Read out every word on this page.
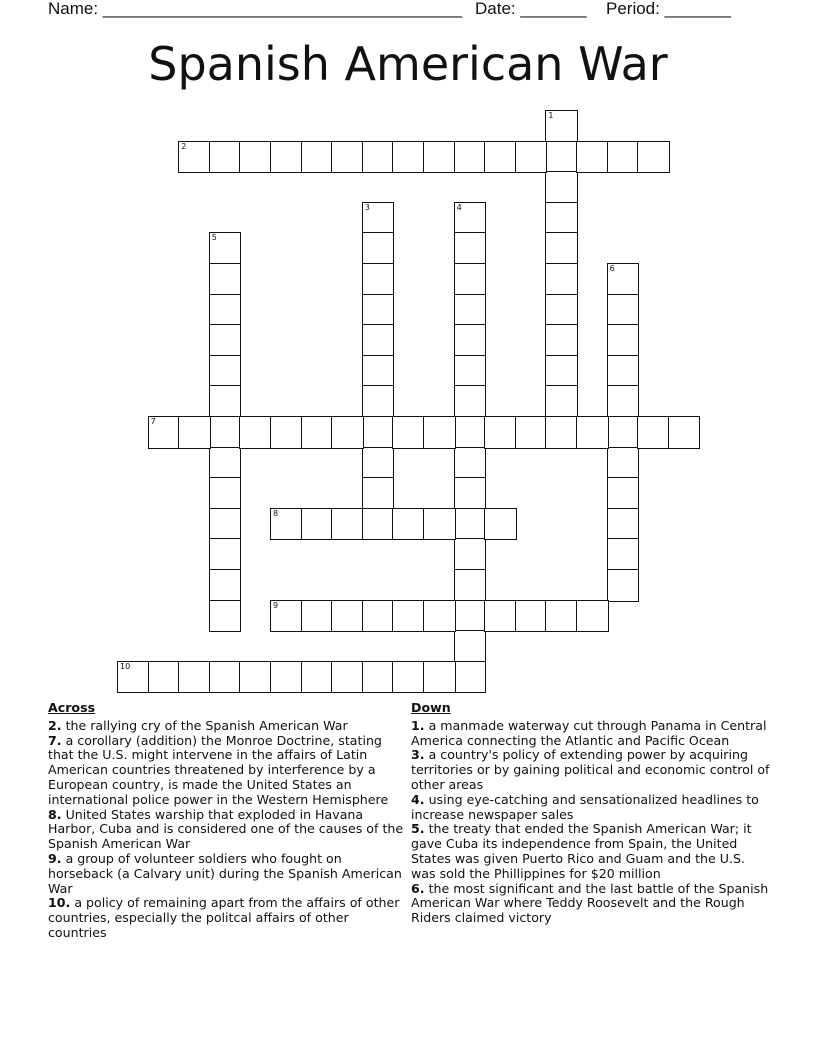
Name: ______________________________________ Date: _______ Period: _______
Spanish American War
1
2
3	4
5
6
7
8
9
10
Across
2. the rallying cry of the Spanish American War
7. a corollary (addition) the Monroe Doctrine, stating that the U.S. might intervene in the affairs of Latin American countries threatened by interference by a European country, is made the United States an international police power in the Western Hemisphere
8. United States warship that exploded in Havana Harbor, Cuba and is considered one of the causes of the Spanish American War
9. a group of volunteer soldiers who fought on horseback (a Calvary unit) during the Spanish American War
10. a policy of remaining apart from the affairs of other countries, especially the politcal affairs of other countries
Down
1. a manmade waterway cut through Panama in Central America connecting the Atlantic and Pacific Ocean
3. a country's policy of extending power by acquiring territories or by gaining political and economic control of other areas
4. using eye-catching and sensationalized headlines to increase newspaper sales
5. the treaty that ended the Spanish American War; it gave Cuba its independence from Spain, the United States was given Puerto Rico and Guam and the U.S. was sold the Phillippines for $20 million
6. the most significant and the last battle of the Spanish American War where Teddy Roosevelt and the Rough Riders claimed victory
